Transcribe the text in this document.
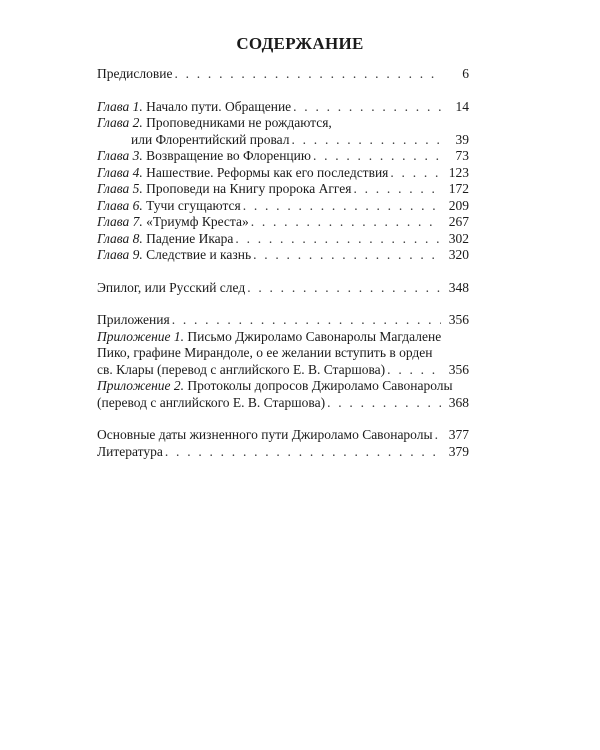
СОДЕРЖАНИЕ
Предисловие . . .	6
Глава 1. Начало пути. Обращение . . .	14
Глава 2. Проповедниками не рождаются,
или Флорентийский провал . . .	39
Глава 3. Возвращение во Флоренцию . . .	73
Глава 4. Нашествие. Реформы как его последствия . . .	123
Глава 5. Проповеди на Книгу пророка Аггея . . .	172
Глава 6. Тучи сгущаются . . .	209
Глава 7. «Триумф Креста» . . .	267
Глава 8. Падение Икара . . .	302
Глава 9. Следствие и казнь . . .	320
Эпилог, или Русский след . . .	348
Приложения . . .	356
Приложение 1. Письмо Джироламо Савонаролы Магдалене
Пико, графине Мирандоле, о ее желании вступить в орден
св. Клары (перевод с английского Е. В. Старшова) . . .	356
Приложение 2. Протоколы допросов Джироламо Савонаролы
(перевод с английского Е. В. Старшова) . . .	368
Основные даты жизненного пути Джироламо Савонаролы . . . 377
Литература . . .	379
